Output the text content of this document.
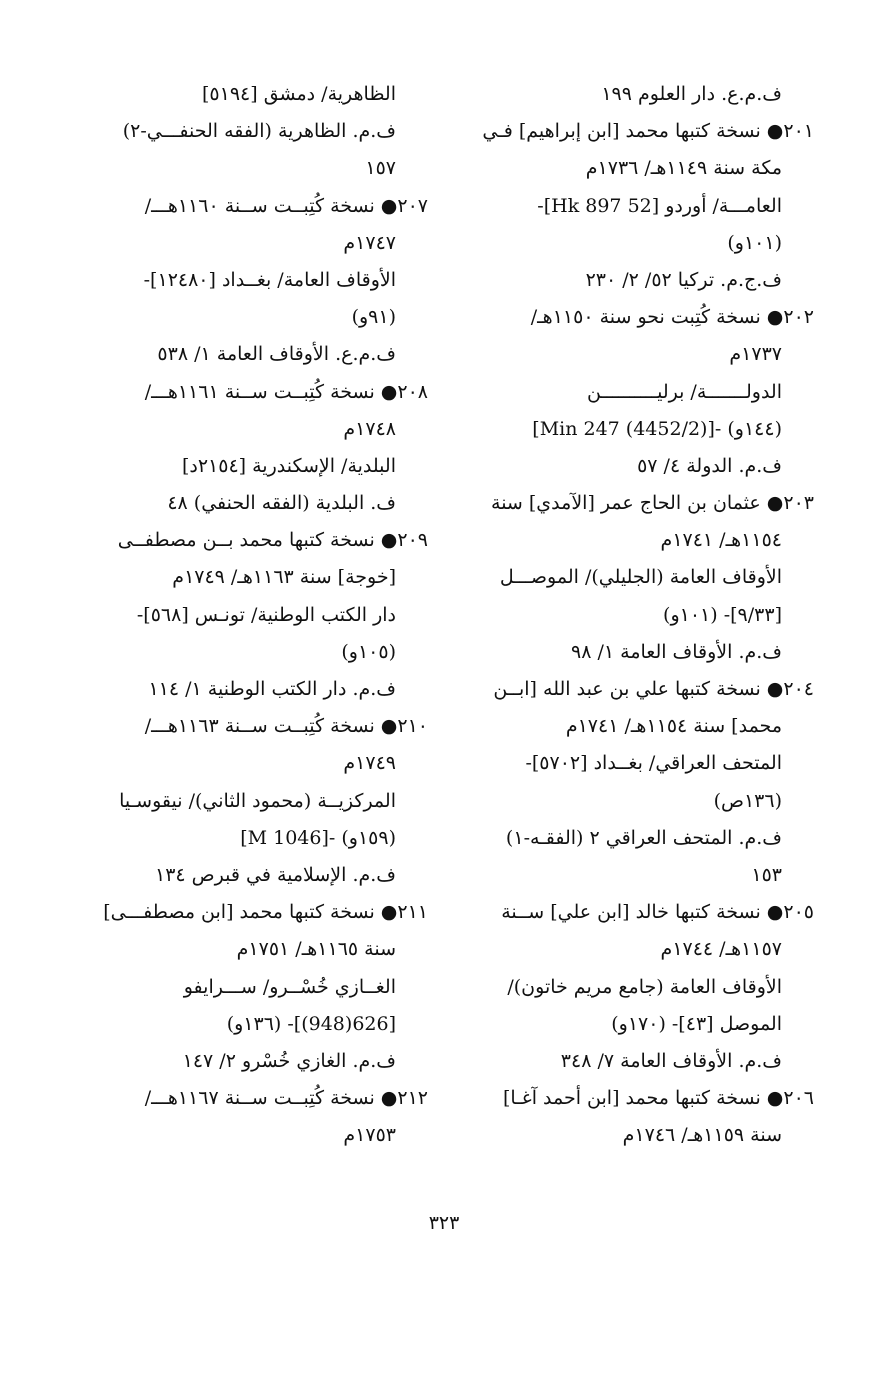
ف.م.ع. دار العلوم ١٩٩
٢٠١● نسخة كتبها محمد [ابن إبراهيم] فـي
مكة سنة ١١٤٩هـ/ ١٧٣٦م
العامـــة/ أوردو [52 Hk 897]-
(١٠١و)
ف.ج.م. تركيا ٥٢/ ٢/ ٢٣٠
٢٠٢● نسخة كُتِبت نحو سنة ١١٥٠هـ/
١٧٣٧م
الدولـــــــة/ برليــــــــــن
[Min 247 (4452/2)]- (١٤٤و)
ف.م. الدولة ٤/ ٥٧
٢٠٣● عثمان بن الحاج عمر [الآمدي] سنة
١١٥٤هـ/ ١٧٤١م
الأوقاف العامة (الجليلي)/ الموصـــل
[٩/٣٣]- (١٠١و)
ف.م. الأوقاف العامة ١/ ٩٨
٢٠٤● نسخة كتبها علي بن عبد الله [ابــن
محمد] سنة ١١٥٤هـ/ ١٧٤١م
المتحف العراقي/ بغــداد [٥٧٠٢]-
(١٣٦ص)
ف.م. المتحف العراقي ٢ (الفقـه-١)
١٥٣
٢٠٥● نسخة كتبها خالد [ابن علي] ســنة
١١٥٧هـ/ ١٧٤٤م
الأوقاف العامة (جامع مريم خاتون)/
الموصل [٤٣]- (١٧٠و)
ف.م. الأوقاف العامة ٧/ ٣٤٨
٢٠٦● نسخة كتبها محمد [ابن أحمد آغـا]
سنة ١١٥٩هـ/ ١٧٤٦م
الظاهرية/ دمشق [٥١٩٤]
ف.م. الظاهرية (الفقه الحنفـــي-٢)
١٥٧
٢٠٧● نسخة كُتِبــت ســنة ١١٦٠هـــ/
١٧٤٧م
الأوقاف العامة/ بغــداد [١٢٤٨٠]-
(٩١و)
ف.م.ع. الأوقاف العامة ١/ ٥٣٨
٢٠٨● نسخة كُتِبــت ســنة ١١٦١هـــ/
١٧٤٨م
البلدية/ الإسكندرية [٢١٥٤د]
ف. البلدية (الفقه الحنفي) ٤٨
٢٠٩● نسخة كتبها محمد بــن مصطفــى
[خوجة] سنة ١١٦٣هـ/ ١٧٤٩م
دار الكتب الوطنية/ تونـس [٥٦٨]-
(١٠٥و)
ف.م. دار الكتب الوطنية ١/ ١١٤
٢١٠● نسخة كُتِبــت ســنة ١١٦٣هـــ/
١٧٤٩م
المركزيــة (محمود الثاني)/ نيقوسـيا
[M 1046]- (١٥٩و)
ف.م. الإسلامية في قبرص ١٣٤
٢١١● نسخة كتبها محمد [ابن مصطفـــى]
سنة ١١٦٥هـ/ ١٧٥١م
الغــازي خُسْــرو/ ســـرايفو
[626(948)]- (١٣٦و)
ف.م. الغازي خُسْرو ٢/ ١٤٧
٢١٢● نسخة كُتِبــت ســنة ١١٦٧هـــ/
١٧٥٣م
٣٢٣
